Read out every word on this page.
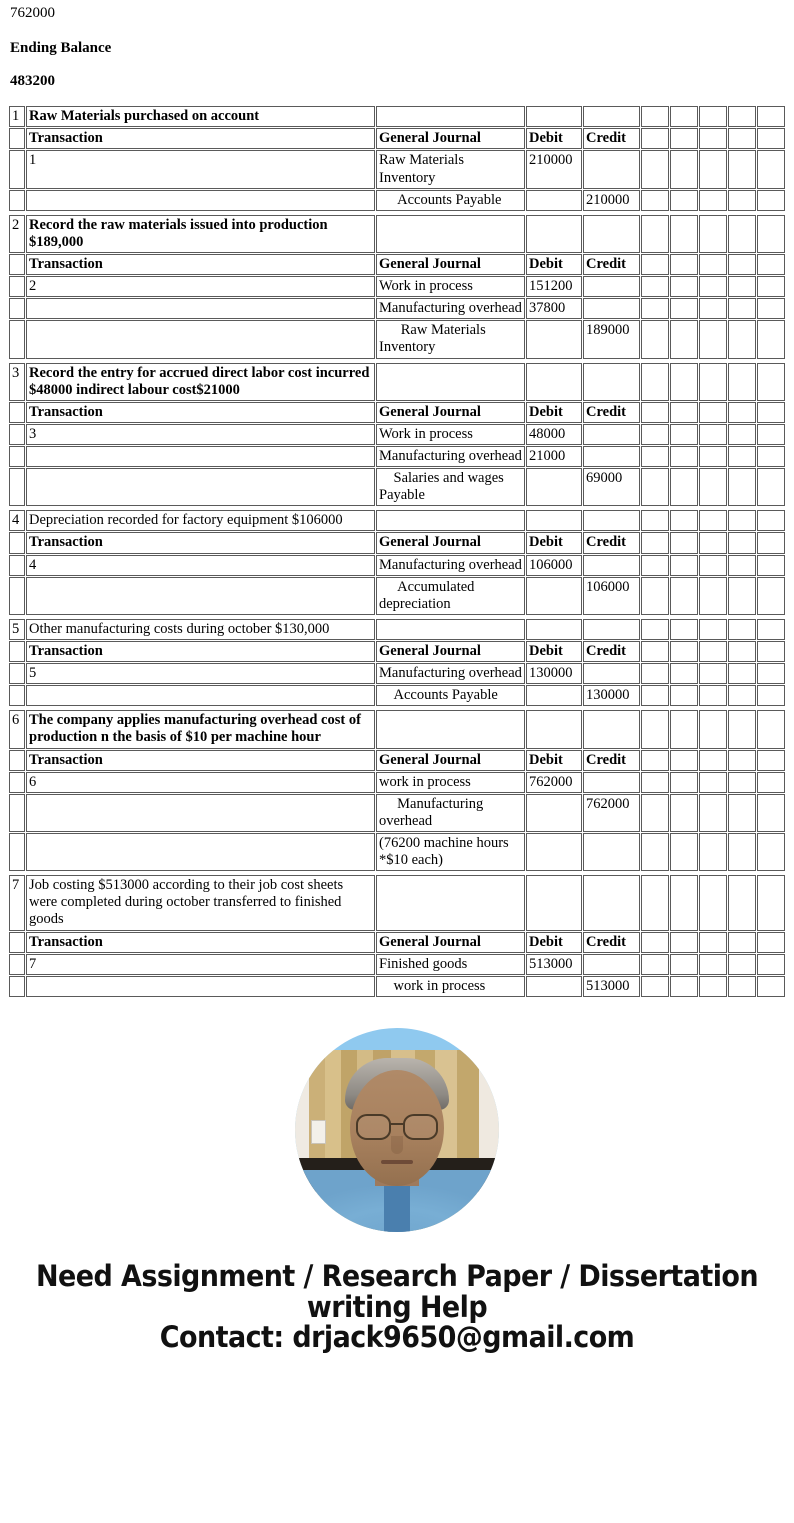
762000
Ending Balance
483200
1	Raw Materials purchased on account								
	Transaction	General Journal	Debit	Credit					
	1	Raw Materials Inventory	210000						
		Accounts Payable		210000					
2	Record the raw materials issued into production $189,000								
	Transaction	General Journal	Debit	Credit					
	2	Work in process	151200						
		Manufacturing overhead	37800						
		Raw Materials Inventory		189000					
3	Record the entry for accrued direct labor cost incurred $48000 indirect labour cost$21000								
	Transaction	General Journal	Debit	Credit					
	3	Work in process	48000						
		Manufacturing overhead	21000						
		Salaries and wages Payable		69000					
4	Depreciation recorded for factory equipment $106000								
	Transaction	General Journal	Debit	Credit					
	4	Manufacturing overhead	106000						
		Accumulated depreciation		106000					
5	Other manufacturing costs during october $130,000								
	Transaction	General Journal	Debit	Credit					
	5	Manufacturing overhead	130000						
		Accounts Payable		130000					
6	The company applies manufacturing overhead cost of production n the basis of $10 per machine hour								
	Transaction	General Journal	Debit	Credit					
	6	work in process	762000						
		Manufacturing overhead		762000					
		(76200 machine hours *$10 each)							
7	Job costing $513000 according to their job cost sheets were completed during october transferred to finished goods								
	Transaction	General Journal	Debit	Credit					
	7	Finished goods	513000						
		work in process		513000					
Need Assignment / Research Paper / Dissertation
writing Help
Contact: drjack9650@gmail.com
